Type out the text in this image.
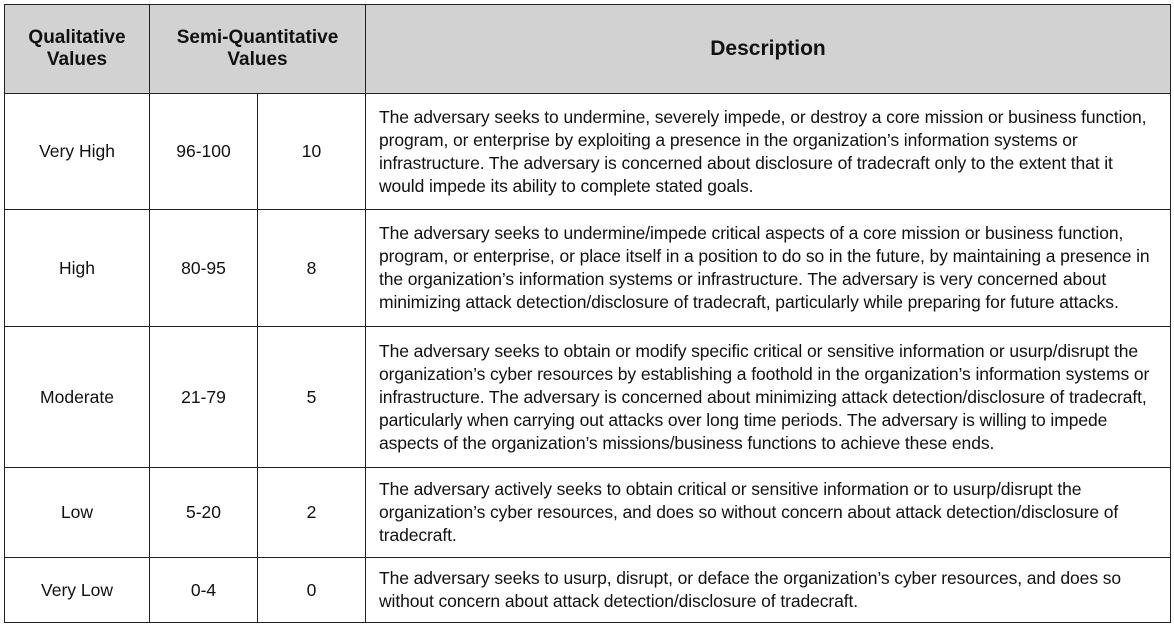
Qualitative Values	Semi-Quantitative Values		Description
Very High	96-100	10	The adversary seeks to undermine, severely impede, or destroy a core mission or business function, program, or enterprise by exploiting a presence in the organization’s information systems or infrastructure. The adversary is concerned about disclosure of tradecraft only to the extent that it would impede its ability to complete stated goals.
High	80-95	8	The adversary seeks to undermine/impede critical aspects of a core mission or business function, program, or enterprise, or place itself in a position to do so in the future, by maintaining a presence in the organization’s information systems or infrastructure. The adversary is very concerned about minimizing attack detection/disclosure of tradecraft, particularly while preparing for future attacks.
Moderate	21-79	5	The adversary seeks to obtain or modify specific critical or sensitive information or usurp/disrupt the organization’s cyber resources by establishing a foothold in the organization’s information systems or infrastructure. The adversary is concerned about minimizing attack detection/disclosure of tradecraft, particularly when carrying out attacks over long time periods. The adversary is willing to impede aspects of the organization’s missions/business functions to achieve these ends.
Low	5-20	2	The adversary actively seeks to obtain critical or sensitive information or to usurp/disrupt the organization’s cyber resources, and does so without concern about attack detection/disclosure of tradecraft.
Very Low	0-4	0	The adversary seeks to usurp, disrupt, or deface the organization’s cyber resources, and does so without concern about attack detection/disclosure of tradecraft.
